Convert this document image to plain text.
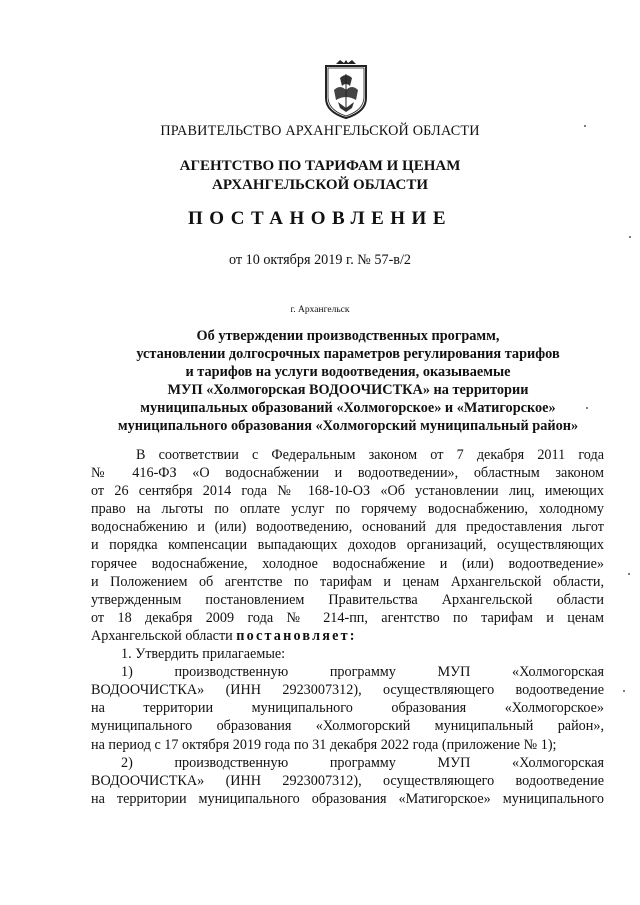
ПРАВИТЕЛЬСТВО АРХАНГЕЛЬСКОЙ ОБЛАСТИ
АГЕНТСТВО ПО ТАРИФАМ И ЦЕНАМ
АРХАНГЕЛЬСКОЙ ОБЛАСТИ
ПОСТАНОВЛЕНИЕ
от 10 октября 2019 г. № 57-в/2
г. Архангельск
Об утверждении производственных программ,
установлении долгосрочных параметров регулирования тарифов
и тарифов на услуги водоотведения, оказываемые
МУП «Холмогорская ВОДООЧИСТКА» на территории
муниципальных образований «Холмогорское» и «Матигорское»
муниципального образования «Холмогорский муниципальный район»
В соответствии с Федеральным законом от 7 декабря 2011 года
№ 416-ФЗ «О водоснабжении и водоотведении», областным законом
от 26 сентября 2014 года № 168-10-ОЗ «Об установлении лиц, имеющих
право на льготы по оплате услуг по горячему водоснабжению, холодному
водоснабжению и (или) водоотведению, оснований для предоставления льгот
и порядка компенсации выпадающих доходов организаций, осуществляющих
горячее водоснабжение, холодное водоснабжение и (или) водоотведение»
и Положением об агентстве по тарифам и ценам Архангельской области,
утвержденным постановлением Правительства Архангельской области
от 18 декабря 2009 года № 214-пп, агентство по тарифам и ценам
Архангельской области постановляет:
1. Утвердить прилагаемые:
1) производственную программу МУП «Холмогорская
ВОДООЧИСТКА» (ИНН 2923007312), осуществляющего водоотведение
на территории муниципального образования «Холмогорское»
муниципального образования «Холмогорский муниципальный район»,
на период с 17 октября 2019 года по 31 декабря 2022 года (приложение № 1);
2) производственную программу МУП «Холмогорская
ВОДООЧИСТКА» (ИНН 2923007312), осуществляющего водоотведение
на территории муниципального образования «Матигорское» муниципального
